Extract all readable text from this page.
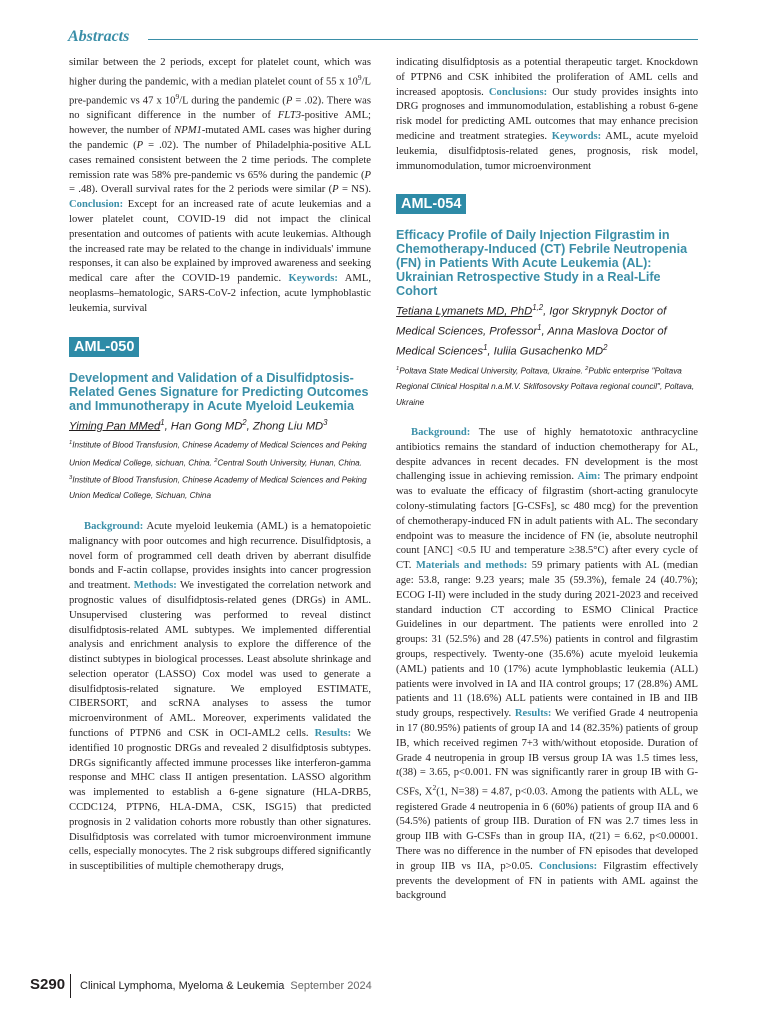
Abstracts

similar between the 2 periods, except for platelet count, which was higher during the pandemic, with a median platelet count of 55 x $10^9/L$ pre-pandemic vs 47 x $10^9/L$ during the pandemic (P = .02). There was no significant difference in the number of FLT3-positive AML; however, the number of NPM1-mutated AML cases was higher during the pandemic (P = .02). The number of Philadelphia-positive ALL cases remained consistent between the 2 time periods. The complete remission rate was 58% pre-pandemic vs 65% during the pandemic (P = .48). Overall survival rates for the 2 periods were similar (P = NS). Conclusion: Except for an increased rate of acute leukemias and a lower platelet count, COVID-19 did not impact the clinical presentation and outcomes of patients with acute leukemias. Although the increased rate may be related to the change in individuals' immune responses, it can also be explained by improved awareness and seeking medical care after the COVID-19 pandemic. Keywords: AML, neoplasms–hematologic, SARS-CoV-2 infection, acute lymphoblastic leukemia, survival

AML-050
Development and Validation of a Disulfidptosis-Related Genes Signature for Predicting Outcomes and Immunotherapy in Acute Myeloid Leukemia
Yiming Pan MMed$^1$, Han Gong $MD^2$, Zhong Liu $MD^3$
$^1$Institute of Blood Transfusion, Chinese Academy of Medical Sciences and Peking Union Medical College, sichuan, China. $^2$Central South University, Hunan, China. $^3$Institute of Blood Transfusion, Chinese Academy of Medical Sciences and Peking Union Medical College, Sichuan, China

Background: Acute myeloid leukemia (AML) is a hematopoietic malignancy with poor outcomes and high recurrence. Disulfidptosis, a novel form of programmed cell death driven by aberrant disulfide bonds and F-actin collapse, provides insights into cancer progression and treatment. Methods: We investigated the correlation network and prognostic values of disulfidptosis-related genes (DRGs) in AML. Unsupervised clustering was performed to reveal distinct disulfidptosis-related AML subtypes. We implemented differential analysis and enrichment analysis to explore the difference of the distinct subtypes in biological processes. Least absolute shrinkage and selection operator (LASSO) Cox model was used to generate a disulfidptosis-related signature. We employed ESTIMATE, CIBERSORT, and scRNA analyses to assess the tumor microenvironment of AML. Moreover, experiments validated the functions of PTPN6 and CSK in OCI-AML2 cells. Results: We identified 10 prognostic DRGs and revealed 2 disulfidptosis subtypes. DRGs significantly affected immune processes like interferon-gamma response and MHC class II antigen presentation. LASSO algorithm was implemented to establish a 6-gene signature (HLA-DRB5, CCDC124, PTPN6, HLA-DMA, CSK, ISG15) that predicted prognosis in 2 validation cohorts more robustly than other signatures. Disulfidptosis was correlated with tumor microenvironment immune cells, especially monocytes. The 2 risk subgroups differed significantly in susceptibilities of multiple chemotherapy drugs,

indicating disulfidptosis as a potential therapeutic target. Knockdown of PTPN6 and CSK inhibited the proliferation of AML cells and increased apoptosis. Conclusions: Our study provides insights into DRG prognoses and immunomodulation, establishing a robust 6-gene risk model for predicting AML outcomes that may enhance precision medicine and treatment strategies. Keywords: AML, acute myeloid leukemia, disulfidptosis-related genes, prognosis, risk model, immunomodulation, tumor microenvironment

AML-054
Efficacy Profile of Daily Injection Filgrastim in Chemotherapy-Induced (CT) Febrile Neutropenia (FN) in Patients With Acute Leukemia (AL): Ukrainian Retrospective Study in a Real-Life Cohort
Tetiana Lymanets MD, PhD$^{1,2}$, Igor Skrypnyk Doctor of Medical Sciences, Professor$^1$, Anna Maslova Doctor of Medical Sciences$^1$, Iuliia Gusachenko $MD^2$
$^1$Poltava State Medical University, Poltava, Ukraine. $^2$Public enterprise "Poltava Regional Clinical Hospital n.a.M.V. Sklifosovsky Poltava regional council", Poltava, Ukraine

Background: The use of highly hematotoxic anthracycline antibiotics remains the standard of induction chemotherapy for AL, despite advances in recent decades. FN development is the most challenging issue in achieving remission. Aim: The primary endpoint was to evaluate the efficacy of filgrastim (short-acting granulocyte colony-stimulating factors [G-CSFs], sc 480 mcg) for the prevention of chemotherapy-induced FN in adult patients with AL. The secondary endpoint was to measure the incidence of FN (ie, absolute neutrophil count [ANC] <0.5 IU and temperature ≥38.5°C) after every cycle of CT. Materials and methods: 59 primary patients with AL (median age: 53.8, range: 9.23 years; male 35 (59.3%), female 24 (40.7%); ECOG I-II) were included in the study during 2021-2023 and received standard induction CT according to ESMO Clinical Practice Guidelines in our department. The patients were enrolled into 2 groups: 31 (52.5%) and 28 (47.5%) patients in control and filgrastim groups, respectively. Twenty-one (35.6%) acute myeloid leukemia (AML) patients and 10 (17%) acute lymphoblastic leukemia (ALL) patients were involved in IA and IIA control groups; 17 (28.8%) AML patients and 11 (18.6%) ALL patients were contained in IB and IIB study groups, respectively. Results: We verified Grade 4 neutropenia in 17 (80.95%) patients of group IA and 14 (82.35%) patients of group IB, which received regimen 7+3 with/without etoposide. Duration of Grade 4 neutropenia in group IB versus group IA was 1.5 times less, t(38) = 3.65, p<0.001. FN was significantly rarer in group IB with G-CSFs, $X^2(1$, N=38) = 4.87, p<0.03. Among the patients with ALL, we registered Grade 4 neutropenia in 6 (60%) patients of group IIA and 6 (54.5%) patients of group IIB. Duration of FN was 2.7 times less in group IIB with G-CSFs than in group IIA, t(21) = 6.62, p<0.00001. There was no difference in the number of FN episodes that developed in group IIB vs IIA, p>0.05. Conclusions: Filgrastim effectively prevents the development of FN in patients with AML against the background

S290 Clinical Lymphoma, Myeloma & Leukemia September 2024
